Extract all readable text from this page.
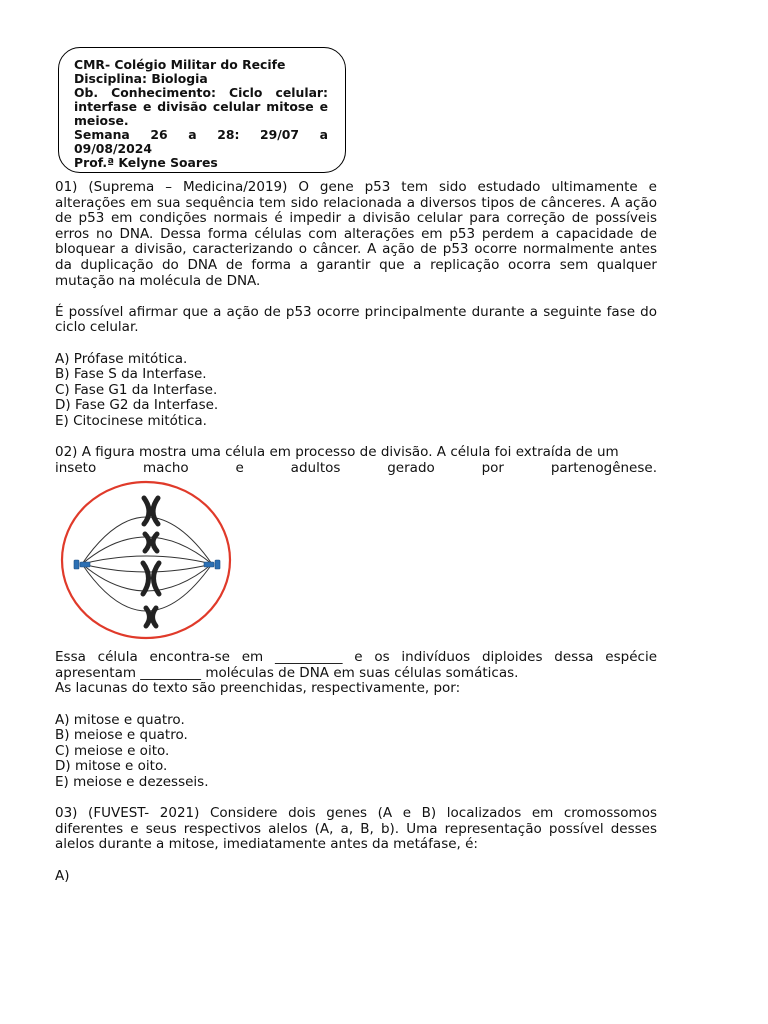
CMR- Colégio Militar do Recife
Disciplina: Biologia
Ob. Conhecimento: Ciclo celular: interfase e divisão celular mitose e meiose.
Semana 26 a 28: 29/07 a 09/08/2024
Prof.ª Kelyne Soares

01) (Suprema – Medicina/2019) O gene p53 tem sido estudado ultimamente e alterações em sua sequência tem sido relacionada a diversos tipos de cânceres. A ação de p53 em condições normais é impedir a divisão celular para correção de possíveis erros no DNA. Dessa forma células com alterações em p53 perdem a capacidade de bloquear a divisão, caracterizando o câncer. A ação de p53 ocorre normalmente antes da duplicação do DNA de forma a garantir que a replicação ocorra sem qualquer mutação na molécula de DNA.

É possível afirmar que a ação de p53 ocorre principalmente durante a seguinte fase do ciclo celular.

A) Prófase mitótica.

B) Fase S da Interfase.

C) Fase G1 da Interfase.

D) Fase G2 da Interfase.

E) Citocinese mitótica.

02) A figura mostra uma célula em processo de divisão. A célula foi extraída de um

inseto macho e adultos gerado por partenogênese.

Essa célula encontra-se em __________ e os indivíduos diploides dessa espécie apresentam _________ moléculas de DNA em suas células somáticas.

As lacunas do texto são preenchidas, respectivamente, por:

A) mitose e quatro.

B) meiose e quatro.

C) meiose e oito.

D) mitose e oito.

E) meiose e dezesseis.

03) (FUVEST- 2021) Considere dois genes (A e B) localizados em cromossomos diferentes e seus respectivos alelos (A, a, B, b). Uma representação possível desses alelos durante a mitose, imediatamente antes da metáfase, é:

A)
